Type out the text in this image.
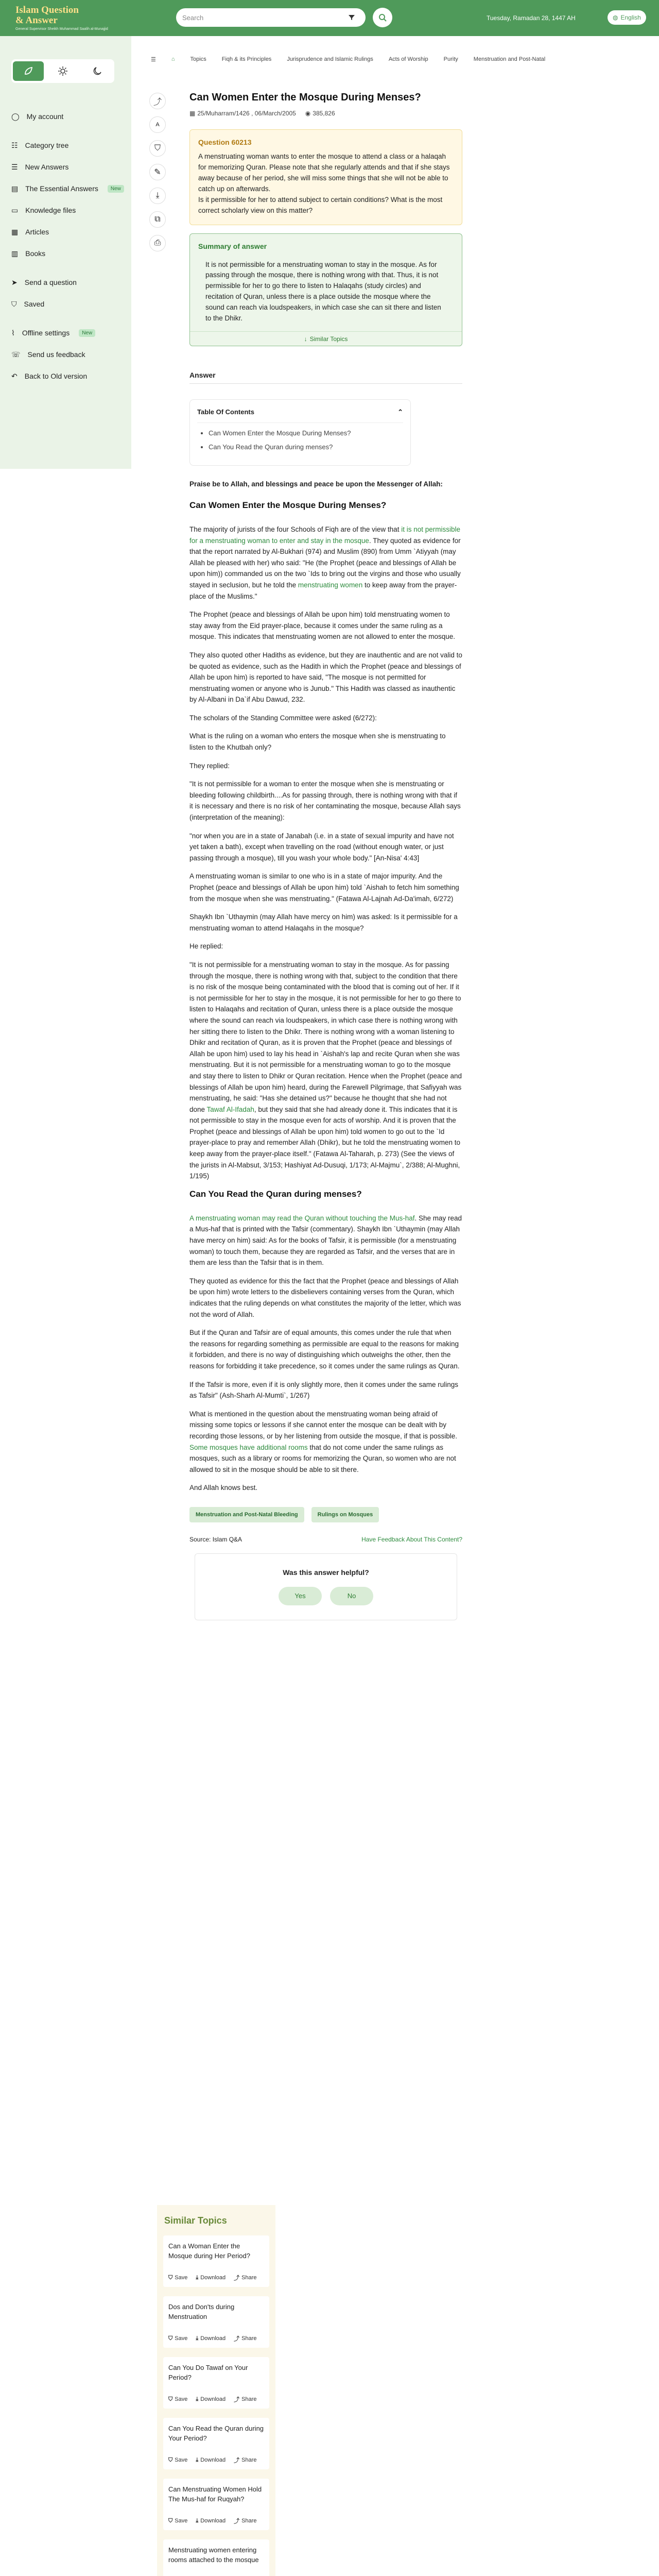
Islam Question
& Answer
General Supervisor Sheikh Muhammad Saalih al-Munajjid
Search	Tuesday, Ramadan 28, 1447 AH	◍ English
◯ My account
☷ Category tree
☰ New Answers
▤ The Essential Answers	New
▭ Knowledge files
▦ Articles
▥ Books
➤ Send a question
⛉ Saved
⌇ Offline settings	New
☏ Send us feedback
↶ Back to Old version
☰	⌂	Topics	Fiqh & its Principles	Jurisprudence and Islamic Rulings	Acts of Worship	Purity	Menstruation and Post-Natal
⤴
A
⛉
✎
⤓
⧉
⎙
Can Women Enter the Mosque During Menses?
▦ 25/Muharram/1426 , 06/March/2005 ◉ 385,826
Question 60213

A menstruating woman wants to enter the mosque to attend a class or a halaqah for memorizing Quran. Please note that she regularly attends and that if she stays away because of her period, she will miss some things that she will not be able to catch up on afterwards.
Is it permissible for her to attend subject to certain conditions? What is the most correct scholarly view on this matter?

Summary of answer

It is not permissible for a menstruating woman to stay in the mosque. As for passing through the mosque, there is nothing wrong with that. Thus, it is not permissible for her to go there to listen to Halaqahs (study circles) and recitation of Quran, unless there is a place outside the mosque where the sound can reach via loudspeakers, in which case she can sit there and listen to the Dhikr.

↓ Similar Topics
Answer
Table Of Contents	⌃
• Can Women Enter the Mosque During Menses?
• Can You Read the Quran during menses?

Praise be to Allah, and blessings and peace be upon the Messenger of Allah:

Can Women Enter the Mosque During Menses?

The majority of jurists of the four Schools of Fiqh are of the view that it is not permissible for a menstruating woman to enter and stay in the mosque. They quoted as evidence for that the report narrated by Al-Bukhari (974) and Muslim (890) from Umm `Atiyyah (may Allah be pleased with her) who said: "He (the Prophet (peace and blessings of Allah be upon him)) commanded us on the two `Ids to bring out the virgins and those who usually stayed in seclusion, but he told the menstruating women to keep away from the prayer-place of the Muslims."

The Prophet (peace and blessings of Allah be upon him) told menstruating women to stay away from the Eid prayer-place, because it comes under the same ruling as a mosque. This indicates that menstruating women are not allowed to enter the mosque.

They also quoted other Hadiths as evidence, but they are inauthentic and are not valid to be quoted as evidence, such as the Hadith in which the Prophet (peace and blessings of Allah be upon him) is reported to have said, "The mosque is not permitted for menstruating women or anyone who is Junub." This Hadith was classed as inauthentic by Al-Albani in Da`if Abu Dawud, 232.

The scholars of the Standing Committee were asked (6/272):

What is the ruling on a woman who enters the mosque when she is menstruating to listen to the Khutbah only?

They replied:

"It is not permissible for a woman to enter the mosque when she is menstruating or bleeding following childbirth....As for passing through, there is nothing wrong with that if it is necessary and there is no risk of her contaminating the mosque, because Allah says (interpretation of the meaning):

"nor when you are in a state of Janabah (i.e. in a state of sexual impurity and have not yet taken a bath), except when travelling on the road (without enough water, or just passing through a mosque), till you wash your whole body." [An-Nisa' 4:43]

A menstruating woman is similar to one who is in a state of major impurity. And the Prophet (peace and blessings of Allah be upon him) told `Aishah to fetch him something from the mosque when she was menstruating." (Fatawa Al-Lajnah Ad-Da'imah, 6/272)

Shaykh Ibn `Uthaymin (may Allah have mercy on him) was asked: Is it permissible for a menstruating woman to attend Halaqahs in the mosque?

He replied:

"It is not permissible for a menstruating woman to stay in the mosque. As for passing through the mosque, there is nothing wrong with that, subject to the condition that there is no risk of the mosque being contaminated with the blood that is coming out of her. If it is not permissible for her to stay in the mosque, it is not permissible for her to go there to listen to Halaqahs and recitation of Quran, unless there is a place outside the mosque where the sound can reach via loudspeakers, in which case there is nothing wrong with her sitting there to listen to the Dhikr. There is nothing wrong with a woman listening to Dhikr and recitation of Quran, as it is proven that the Prophet (peace and blessings of Allah be upon him) used to lay his head in `Aishah's lap and recite Quran when she was menstruating. But it is not permissible for a menstruating woman to go to the mosque and stay there to listen to Dhikr or Quran recitation. Hence when the Prophet (peace and blessings of Allah be upon him) heard, during the Farewell Pilgrimage, that Safiyyah was menstruating, he said: "Has she detained us?" because he thought that she had not done Tawaf Al-Ifadah, but they said that she had already done it. This indicates that it is not permissible to stay in the mosque even for acts of worship. And it is proven that the Prophet (peace and blessings of Allah be upon him) told women to go out to the `Id prayer-place to pray and remember Allah (Dhikr), but he told the menstruating women to keep away from the prayer-place itself." (Fatawa Al-Taharah, p. 273) (See the views of the jurists in Al-Mabsut, 3/153; Hashiyat Ad-Dusuqi, 1/173; Al-Majmu`, 2/388; Al-Mughni, 1/195)

Can You Read the Quran during menses?

A menstruating woman may read the Quran without touching the Mus-haf. She may read a Mus-haf that is printed with the Tafsir (commentary). Shaykh Ibn `Uthaymin (may Allah have mercy on him) said: As for the books of Tafsir, it is permissible (for a menstruating woman) to touch them, because they are regarded as Tafsir, and the verses that are in them are less than the Tafsir that is in them.

They quoted as evidence for this the fact that the Prophet (peace and blessings of Allah be upon him) wrote letters to the disbelievers containing verses from the Quran, which indicates that the ruling depends on what constitutes the majority of the letter, which was not the word of Allah.

But if the Quran and Tafsir are of equal amounts, this comes under the rule that when the reasons for regarding something as permissible are equal to the reasons for making it forbidden, and there is no way of distinguishing which outweighs the other, then the reasons for forbidding it take precedence, so it comes under the same rulings as Quran.

If the Tafsir is more, even if it is only slightly more, then it comes under the same rulings as Tafsir" (Ash-Sharh Al-Mumti`, 1/267)

What is mentioned in the question about the menstruating woman being afraid of missing some topics or lessons if she cannot enter the mosque can be dealt with by recording those lessons, or by her listening from outside the mosque, if that is possible. Some mosques have additional rooms that do not come under the same rulings as mosques, such as a library or rooms for memorizing the Quran, so women who are not allowed to sit in the mosque should be able to sit there.

And Allah knows best.

Menstruation and Post-Natal Bleeding	Rulings on Mosques
Source: Islam Q&A	Have Feedback About This Content?
Was this answer helpful?
Yes	No
Similar Topics
Can a Woman Enter the Mosque during Her Period?
⛉ Save ⤓ Download ⤴ Share
Dos and Don'ts during Menstruation
⛉ Save ⤓ Download ⤴ Share
Can You Do Tawaf on Your Period?
⛉ Save ⤓ Download ⤴ Share
Can You Read the Quran during Your Period?
⛉ Save ⤓ Download ⤴ Share
Can Menstruating Women Hold The Mus-haf for Ruqyah?
⛉ Save ⤓ Download ⤴ Share
Menstruating women entering rooms attached to the mosque
